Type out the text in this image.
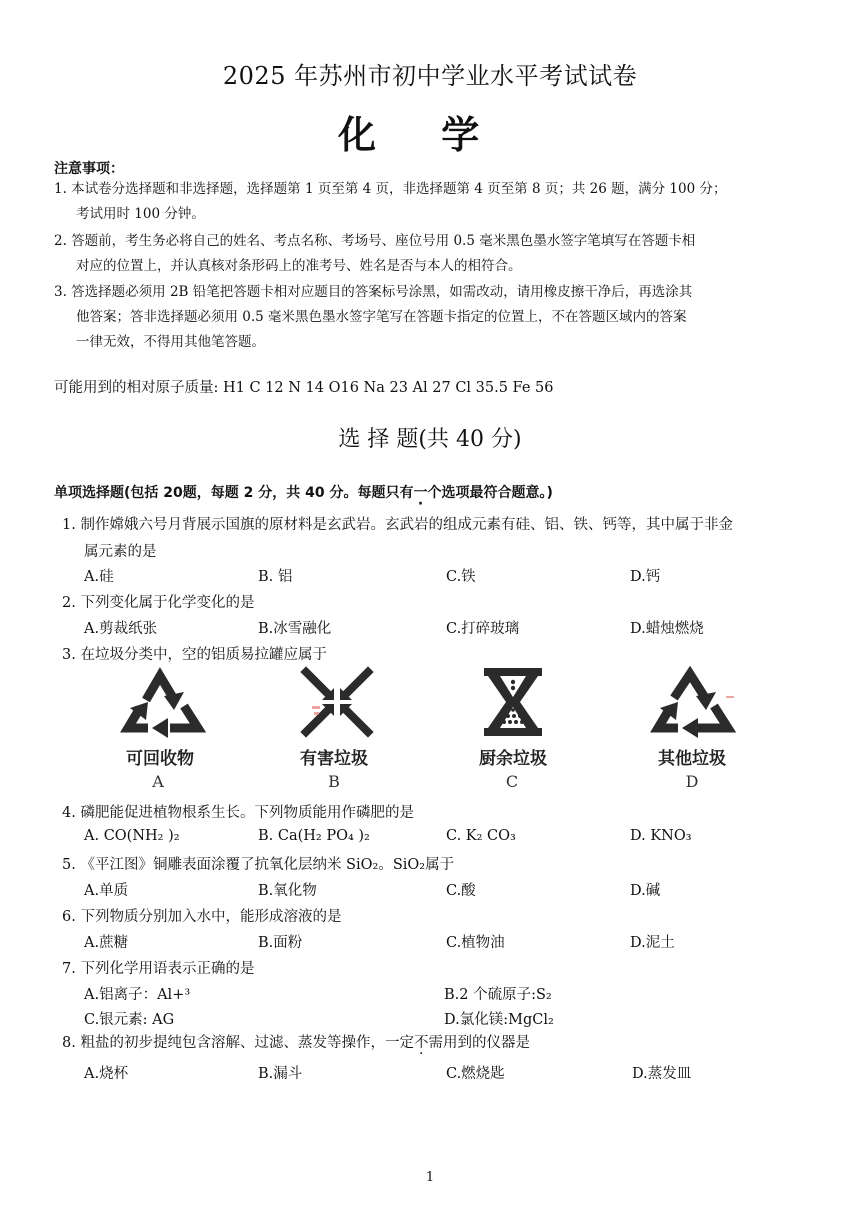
2025 年苏州市初中学业水平考试试卷
化 学
注意事项：
1. 本试卷分选择题和非选择题，选择题第 1 页至第 4 页，非选择题第 4 页至第 8 页；共 26 题，满分 100 分；
考试用时 100 分钟。
2. 答题前，考生务必将自己的姓名、考点名称、考场号、座位号用 0.5 毫米黑色墨水签字笔填写在答题卡相
对应的位置上，并认真核对条形码上的准考号、姓名是否与本人的相符合。
3. 答选择题必须用 2B 铅笔把答题卡相对应题目的答案标号涂黑，如需改动，请用橡皮擦干净后，再选涂其
他答案；答非选择题必须用 0.5 毫米黑色墨水签字笔写在答题卡指定的位置上，不在答题区域内的答案
一律无效，不得用其他笔答题。
可能用到的相对原子质量: H1 C 12 N 14 O16 Na 23 Al 27 Cl 35.5 Fe 56
选 择 题(共 40 分)
单项选择题(包括 20题，每题 2 分，共 40 分。每题只有一个选项最符合题意。)
1. 制作嫦娥六号月背展示国旗的原材料是玄武岩。玄武岩的组成元素有硅、铝、铁、钙等，其中属于非金
属元素的是
A.硅	B. 铝	C.铁	D.钙
2. 下列变化属于化学变化的是
A.剪裁纸张	B.冰雪融化	C.打碎玻璃	D.蜡烛燃烧
3. 在垃圾分类中，空的铝质易拉罐应属于
可回收物
A
有害垃圾
B
厨余垃圾
C
其他垃圾
D
4. 磷肥能促进植物根系生长。下列物质能用作磷肥的是
A. CO(NH₂ )₂	B. Ca(H₂ PO₄ )₂	C. K₂ CO₃	D. KNO₃
5. 《平江图》铜雕表面涂覆了抗氧化层纳米 SiO₂。SiO₂属于
A.单质	B.氧化物	C.酸	D.碱
6. 下列物质分别加入水中，能形成溶液的是
A.蔗糖	B.面粉	C.植物油	D.泥土
7. 下列化学用语表示正确的是
A.铝离子：Al+³	B.2 个硫原子:S₂
C.银元素: AG	D.氯化镁:MgCl₂
8. 粗盐的初步提纯包含溶解、过滤、蒸发等操作，一定不需用到的仪器是
A.烧杯	B.漏斗	C.燃烧匙	D.蒸发皿
1
